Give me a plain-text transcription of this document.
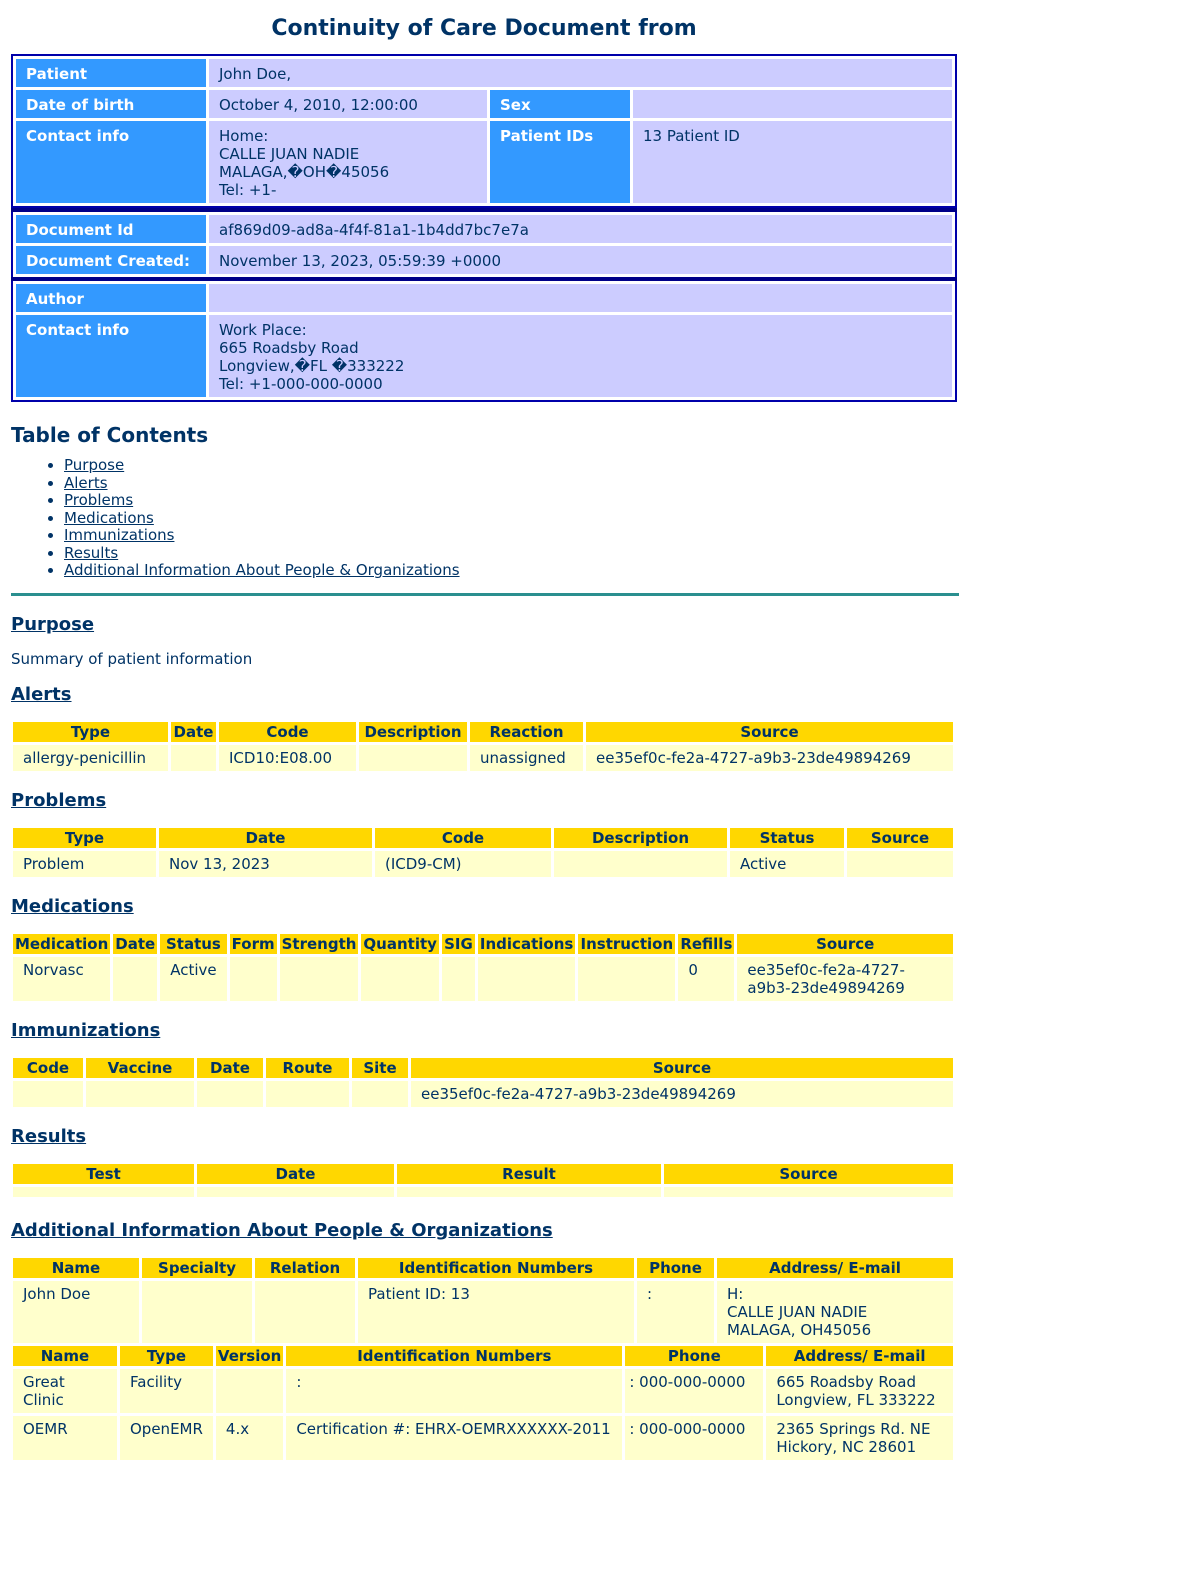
Continuity of Care Document from
Patient	John Doe,		
Date of birth	October 4, 2010, 12:00:00	Sex	
Contact info	Home:
CALLE JUAN NADIE
MALAGA,�OH�45056
Tel: +1-	Patient IDs	13 Patient ID
Document Id	af869d09-ad8a-4f4f-81a1-1b4dd7bc7e7a
Document Created:	November 13, 2023, 05:59:39 +0000
Author	
Contact info	Work Place:
665 Roadsby Road
Longview,�FL �333222
Tel: +1-000-000-0000
Table of Contents
• Purpose
• Alerts
• Problems
• Medications
• Immunizations
• Results
• Additional Information About People & Organizations
Purpose

Summary of patient information

Alerts
Type	Date	Code	Description	Reaction	Source
allergy-penicillin		ICD10:E08.00		unassigned	ee35ef0c-fe2a-4727-a9b3-23de49894269
Problems
Type	Date	Code	Description	Status	Source
Problem	Nov 13, 2023	(ICD9-CM)		Active	
Medications
Medication	Date	Status	Form	Strength	Quantity	SIG	Indications	Instruction	Refills	Source
Norvasc		Active							0	ee35ef0c-fe2a-4727-a9b3-23de49894269
Immunizations
Code	Vaccine	Date	Route	Site	Source
					ee35ef0c-fe2a-4727-a9b3-23de49894269
Results
Test	Date	Result	Source

Additional Information About People & Organizations
Name	Specialty	Relation	Identification Numbers	Phone	Address/ E-mail
John Doe			Patient ID: 13	:	H:
CALLE JUAN NADIE
MALAGA, OH45056
Name	Type	Version	Identification Numbers	Phone	Address/ E-mail
Great Clinic	Facility		:	: 000-000-0000	665 Roadsby Road
Longview, FL 333222
OEMR	OpenEMR	4.x	Certification #: EHRX-OEMRXXXXXX-2011	: 000-000-0000	2365 Springs Rd. NE
Hickory, NC 28601
